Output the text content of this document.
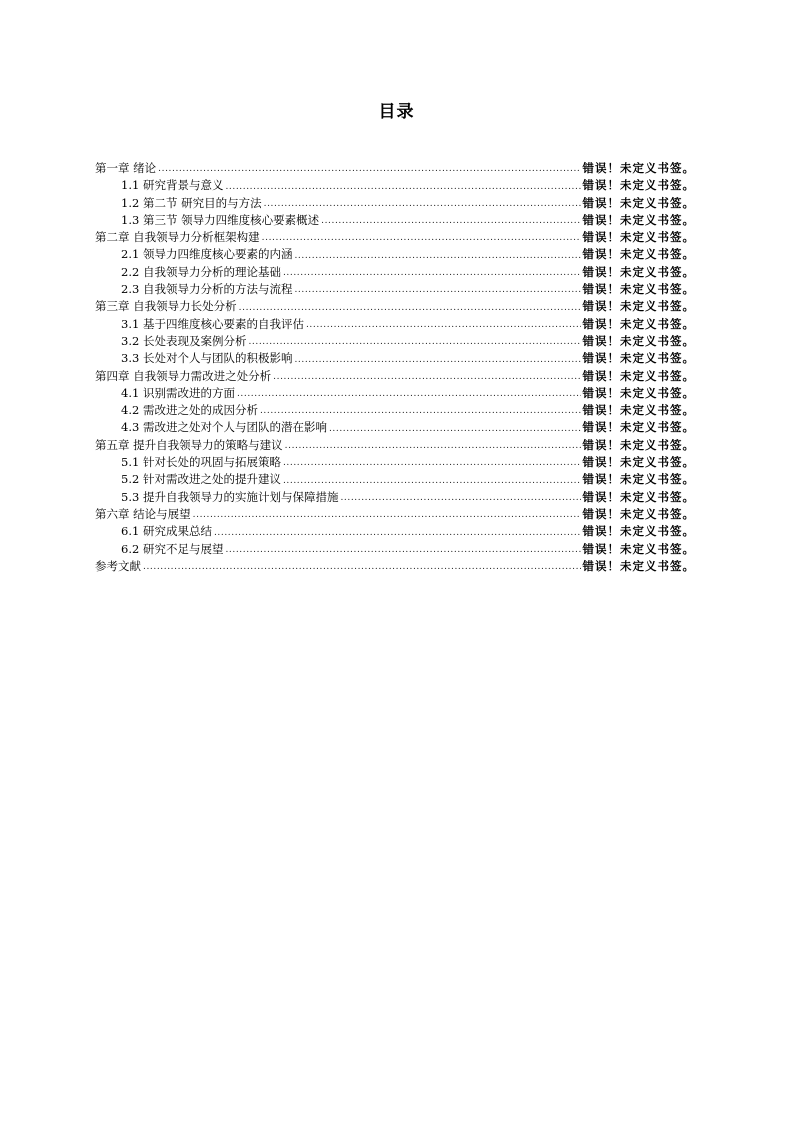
目录
第一章 绪论 .....	错误！未定义书签。
1.1 研究背景与意义 .....	错误！未定义书签。
1.2 第二节 研究目的与方法 .....	错误！未定义书签。
1.3 第三节 领导力四维度核心要素概述 .....	错误！未定义书签。
第二章 自我领导力分析框架构建 .....	错误！未定义书签。
2.1 领导力四维度核心要素的内涵 .....	错误！未定义书签。
2.2 自我领导力分析的理论基础 .....	错误！未定义书签。
2.3 自我领导力分析的方法与流程 .....	错误！未定义书签。
第三章 自我领导力长处分析 .....	错误！未定义书签。
3.1 基于四维度核心要素的自我评估 .....	错误！未定义书签。
3.2 长处表现及案例分析 .....	错误！未定义书签。
3.3 长处对个人与团队的积极影响 .....	错误！未定义书签。
第四章 自我领导力需改进之处分析 .....	错误！未定义书签。
4.1 识别需改进的方面 .....	错误！未定义书签。
4.2 需改进之处的成因分析 .....	错误！未定义书签。
4.3 需改进之处对个人与团队的潜在影响 .....	错误！未定义书签。
第五章 提升自我领导力的策略与建议 .....	错误！未定义书签。
5.1 针对长处的巩固与拓展策略 .....	错误！未定义书签。
5.2 针对需改进之处的提升建议 .....	错误！未定义书签。
5.3 提升自我领导力的实施计划与保障措施 .....	错误！未定义书签。
第六章 结论与展望 .....	错误！未定义书签。
6.1 研究成果总结 .....	错误！未定义书签。
6.2 研究不足与展望 .....	错误！未定义书签。
参考文献 .....	错误！未定义书签。
